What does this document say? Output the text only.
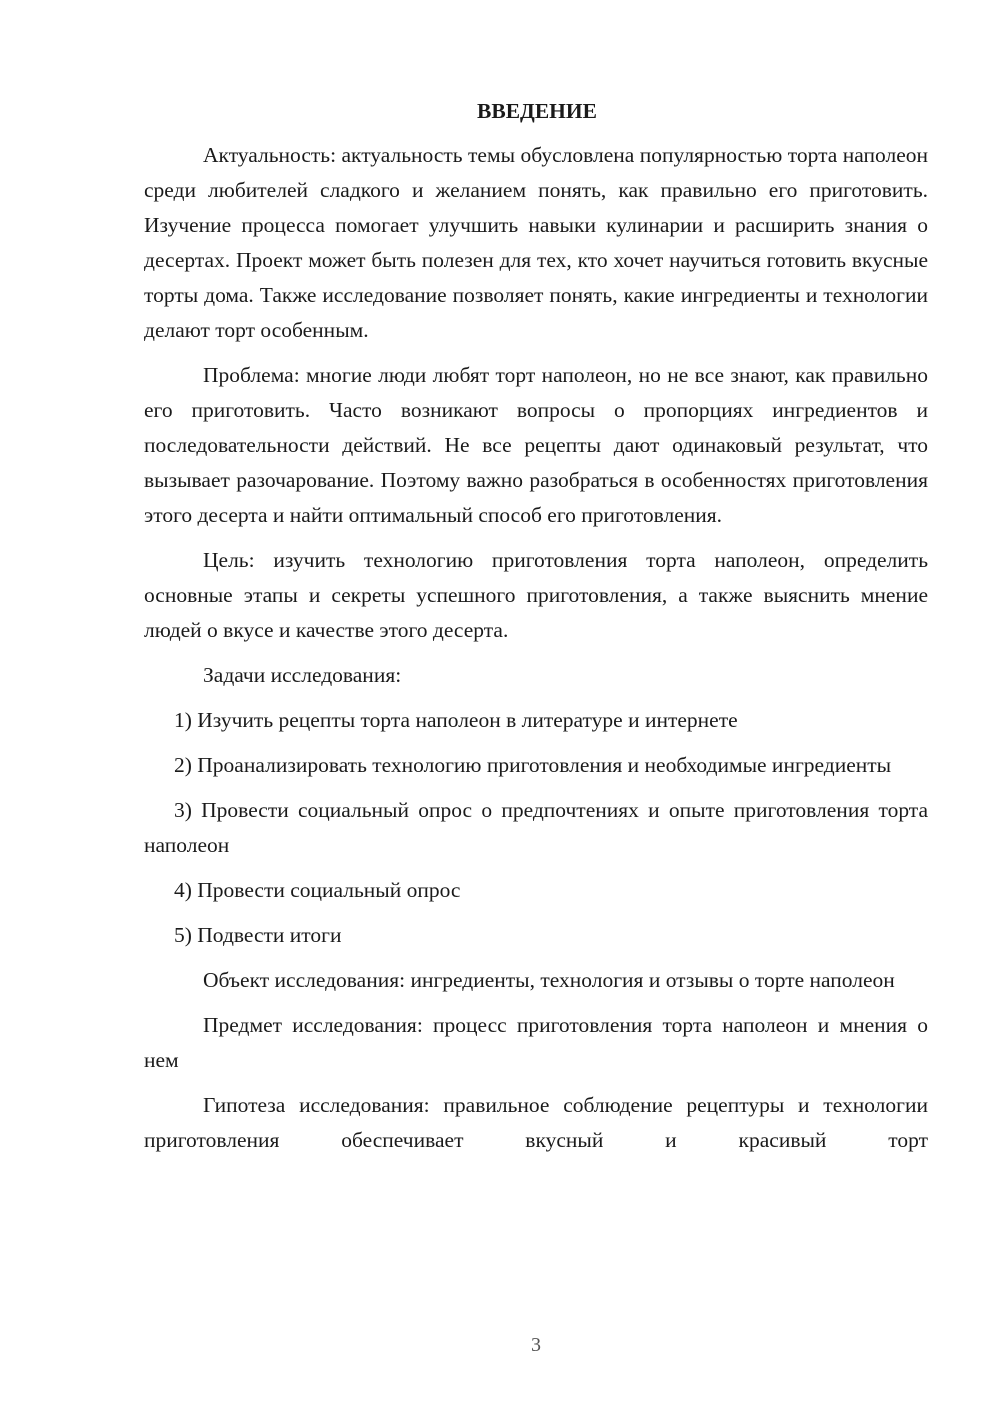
ВВЕДЕНИЕ

Актуальность: актуальность темы обусловлена популярностью торта наполеон среди любителей сладкого и желанием понять, как правильно его приготовить. Изучение процесса помогает улучшить навыки кулинарии и расширить знания о десертах. Проект может быть полезен для тех, кто хочет научиться готовить вкусные торты дома. Также исследование позволяет понять, какие ингредиенты и технологии делают торт особенным.

Проблема: многие люди любят торт наполеон, но не все знают, как правильно его приготовить. Часто возникают вопросы о пропорциях ингредиентов и последовательности действий. Не все рецепты дают одинаковый результат, что вызывает разочарование. Поэтому важно разобраться в особенностях приготовления этого десерта и найти оптимальный способ его приготовления.

Цель: изучить технологию приготовления торта наполеон, определить основные этапы и секреты успешного приготовления, а также выяснить мнение людей о вкусе и качестве этого десерта.

Задачи исследования:

1) Изучить рецепты торта наполеон в литературе и интернете

2) Проанализировать технологию приготовления и необходимые ингредиенты

3) Провести социальный опрос о предпочтениях и опыте приготовления торта наполеон

4) Провести социальный опрос

5) Подвести итоги

Объект исследования: ингредиенты, технология и отзывы о торте наполеон

Предмет исследования: процесс приготовления торта наполеон и мнения о нем

Гипотеза исследования: правильное соблюдение рецептуры и технологии приготовления обеспечивает вкусный и красивый торт

3
